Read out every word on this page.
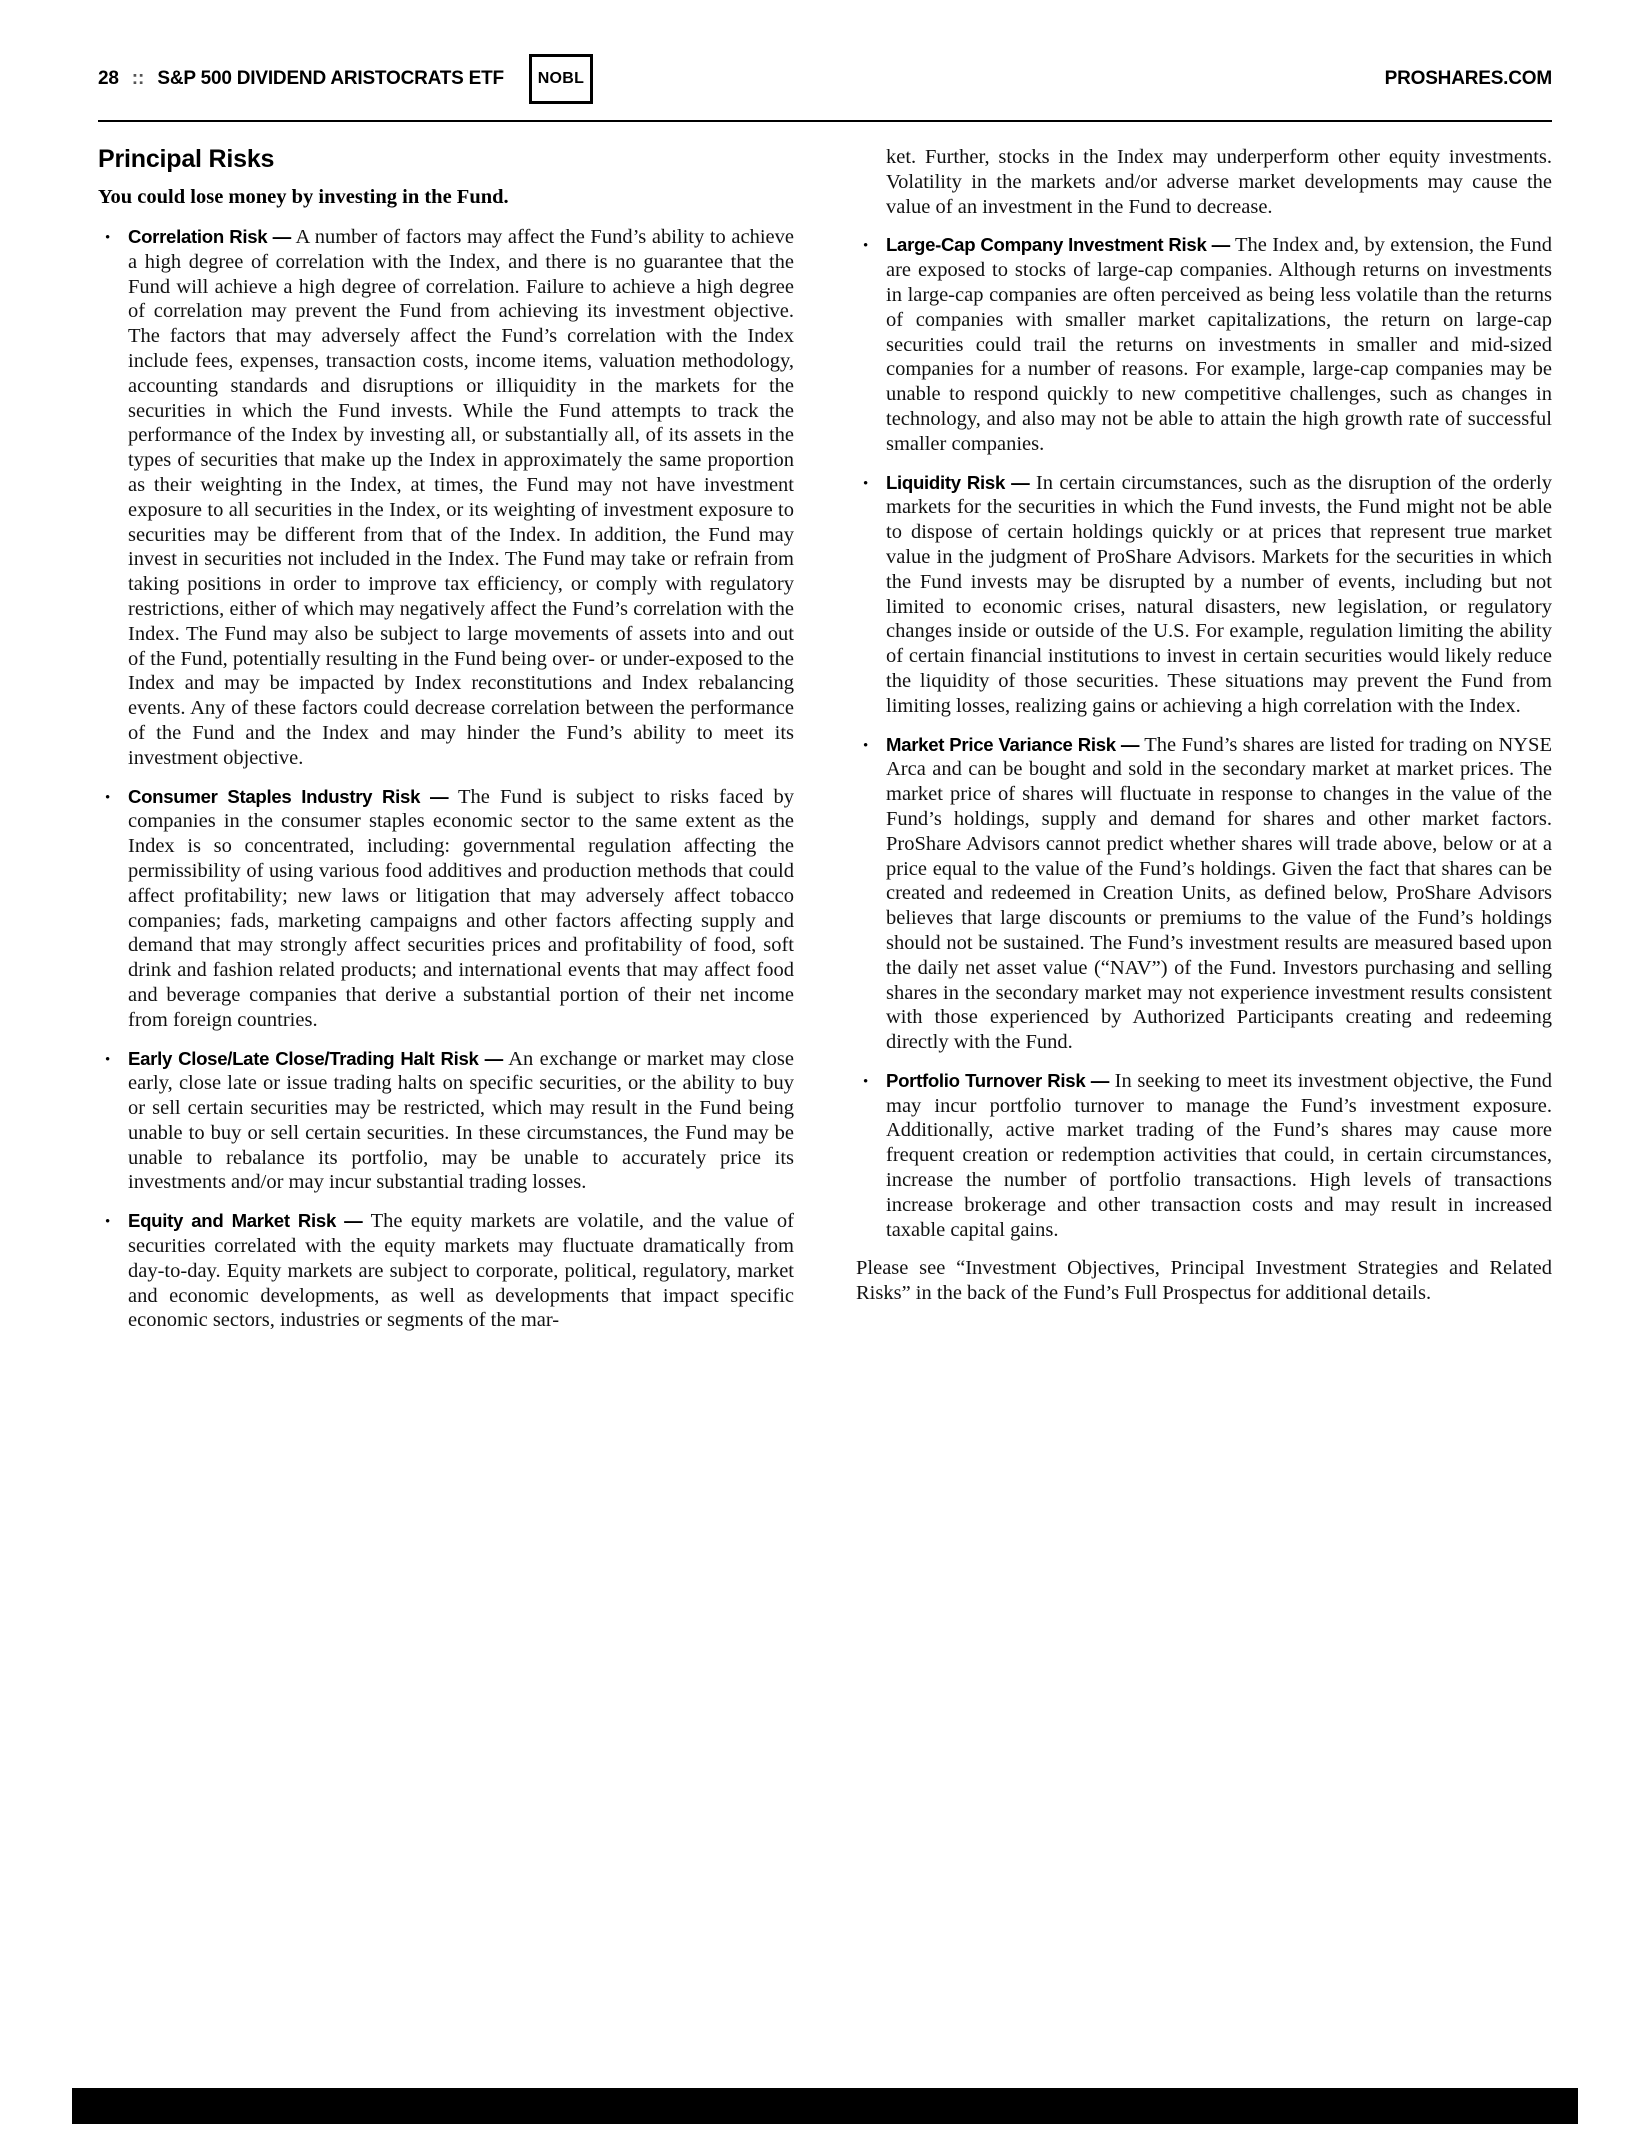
28 :: S&P 500 DIVIDEND ARISTOCRATS ETF	NOBL	PROSHARES.COM
Principal Risks

You could lose money by investing in the Fund.

• Correlation Risk — A number of factors may affect the Fund’s ability to achieve a high degree of correlation with the Index, and there is no guarantee that the Fund will achieve a high degree of correlation. Failure to achieve a high degree of correlation may prevent the Fund from achieving its investment objective. The factors that may adversely affect the Fund’s correlation with the Index include fees, expenses, transaction costs, income items, valuation methodology, accounting standards and disruptions or illiquidity in the markets for the securities in which the Fund invests. While the Fund attempts to track the performance of the Index by investing all, or substantially all, of its assets in the types of securities that make up the Index in approximately the same proportion as their weighting in the Index, at times, the Fund may not have investment exposure to all securities in the Index, or its weighting of investment exposure to securities may be different from that of the Index. In addition, the Fund may invest in securities not included in the Index. The Fund may take or refrain from taking positions in order to improve tax efficiency, or comply with regulatory restrictions, either of which may negatively affect the Fund’s correlation with the Index. The Fund may also be subject to large movements of assets into and out of the Fund, potentially resulting in the Fund being over- or under-exposed to the Index and may be impacted by Index reconstitutions and Index rebalancing events. Any of these factors could decrease correlation between the performance of the Fund and the Index and may hinder the Fund’s ability to meet its investment objective.

• Consumer Staples Industry Risk — The Fund is subject to risks faced by companies in the consumer staples economic sector to the same extent as the Index is so concentrated, including: governmental regulation affecting the permissibility of using various food additives and production methods that could affect profitability; new laws or litigation that may adversely affect tobacco companies; fads, marketing campaigns and other factors affecting supply and demand that may strongly affect securities prices and profitability of food, soft drink and fashion related products; and international events that may affect food and beverage companies that derive a substantial portion of their net income from foreign countries.

• Early Close/Late Close/Trading Halt Risk — An exchange or market may close early, close late or issue trading halts on specific securities, or the ability to buy or sell certain securities may be restricted, which may result in the Fund being unable to buy or sell certain securities. In these circumstances, the Fund may be unable to rebalance its portfolio, may be unable to accurately price its investments and/or may incur substantial trading losses.

• Equity and Market Risk — The equity markets are volatile, and the value of securities correlated with the equity markets may fluctuate dramatically from day-to-day. Equity markets are subject to corporate, political, regulatory, market and economic developments, as well as developments that impact specific economic sectors, industries or segments of the mar-

ket. Further, stocks in the Index may underperform other equity investments. Volatility in the markets and/or adverse market developments may cause the value of an investment in the Fund to decrease.

• Large-Cap Company Investment Risk — The Index and, by extension, the Fund are exposed to stocks of large-cap companies. Although returns on investments in large-cap companies are often perceived as being less volatile than the returns of companies with smaller market capitalizations, the return on large-cap securities could trail the returns on investments in smaller and mid-sized companies for a number of reasons. For example, large-cap companies may be unable to respond quickly to new competitive challenges, such as changes in technology, and also may not be able to attain the high growth rate of successful smaller companies.

• Liquidity Risk — In certain circumstances, such as the disruption of the orderly markets for the securities in which the Fund invests, the Fund might not be able to dispose of certain holdings quickly or at prices that represent true market value in the judgment of ProShare Advisors. Markets for the securities in which the Fund invests may be disrupted by a number of events, including but not limited to economic crises, natural disasters, new legislation, or regulatory changes inside or outside of the U.S. For example, regulation limiting the ability of certain financial institutions to invest in certain securities would likely reduce the liquidity of those securities. These situations may prevent the Fund from limiting losses, realizing gains or achieving a high correlation with the Index.

• Market Price Variance Risk — The Fund’s shares are listed for trading on NYSE Arca and can be bought and sold in the secondary market at market prices. The market price of shares will fluctuate in response to changes in the value of the Fund’s holdings, supply and demand for shares and other market factors. ProShare Advisors cannot predict whether shares will trade above, below or at a price equal to the value of the Fund’s holdings. Given the fact that shares can be created and redeemed in Creation Units, as defined below, ProShare Advisors believes that large discounts or premiums to the value of the Fund’s holdings should not be sustained. The Fund’s investment results are measured based upon the daily net asset value (“NAV”) of the Fund. Investors purchasing and selling shares in the secondary market may not experience investment results consistent with those experienced by Authorized Participants creating and redeeming directly with the Fund.

• Portfolio Turnover Risk — In seeking to meet its investment objective, the Fund may incur portfolio turnover to manage the Fund’s investment exposure. Additionally, active market trading of the Fund’s shares may cause more frequent creation or redemption activities that could, in certain circumstances, increase the number of portfolio transactions. High levels of transactions increase brokerage and other transaction costs and may result in increased taxable capital gains.

Please see “Investment Objectives, Principal Investment Strategies and Related Risks” in the back of the Fund’s Full Prospectus for additional details.
